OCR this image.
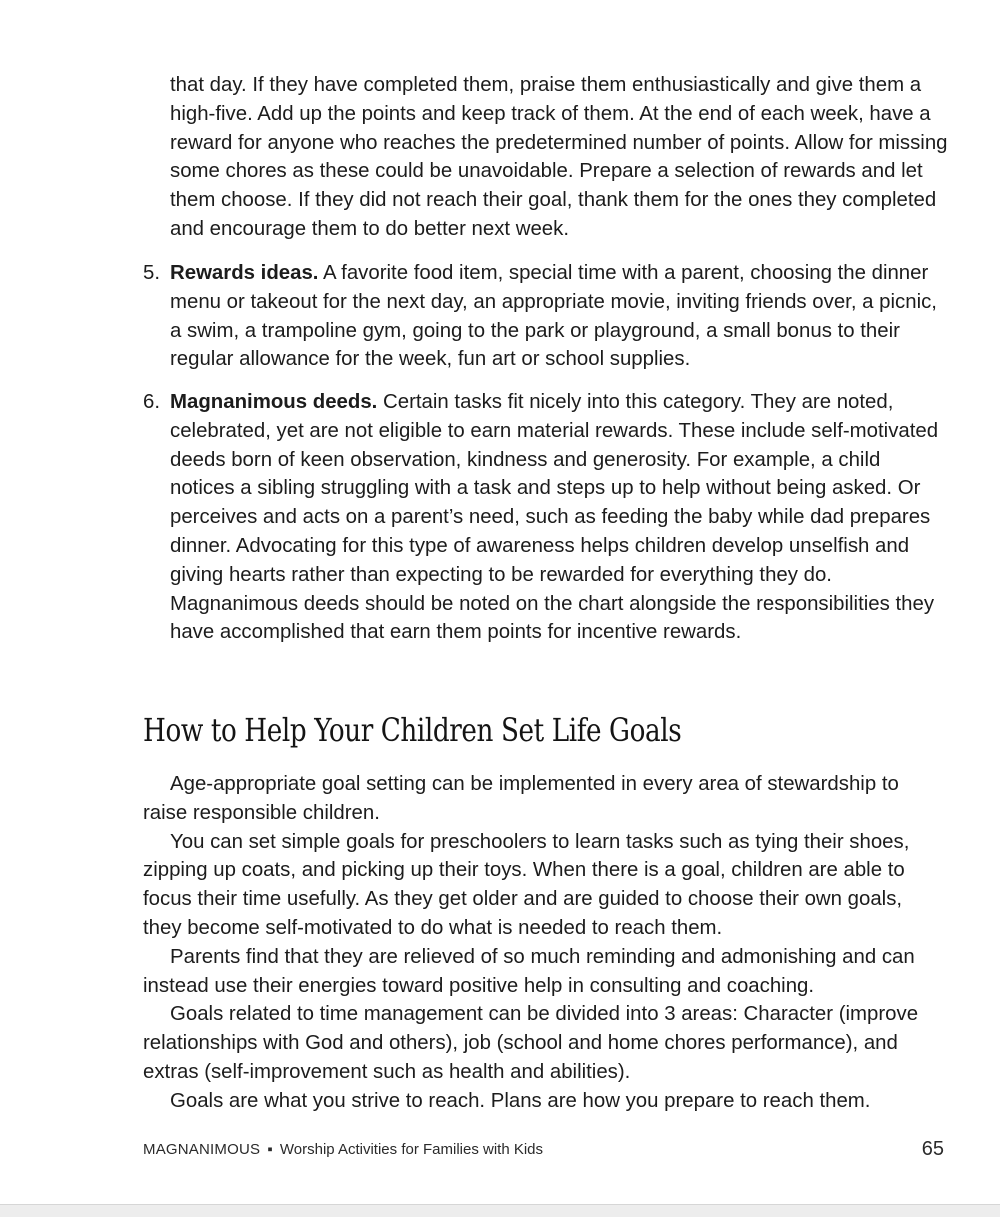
that day. If they have completed them, praise them enthusiastically and give them a high-five. Add up the points and keep track of them. At the end of each week, have a reward for anyone who reaches the predetermined number of points. Allow for missing some chores as these could be unavoidable. Prepare a selection of rewards and let them choose. If they did not reach their goal, thank them for the ones they completed and encourage them to do better next week.

5. Rewards ideas. A favorite food item, special time with a parent, choosing the dinner menu or takeout for the next day, an appropriate movie, inviting friends over, a picnic, a swim, a trampoline gym, going to the park or playground, a small bonus to their regular allowance for the week, fun art or school supplies.
6. Magnanimous deeds. Certain tasks fit nicely into this category. They are noted, celebrated, yet are not eligible to earn material rewards. These include self-motivated deeds born of keen observation, kindness and generosity. For example, a child notices a sibling struggling with a task and steps up to help without being asked. Or perceives and acts on a parent’s need, such as feeding the baby while dad prepares dinner. Advocating for this type of awareness helps children develop unselfish and giving hearts rather than expecting to be rewarded for everything they do. Magnanimous deeds should be noted on the chart alongside the responsibilities they have accomplished that earn them points for incentive rewards.
How to Help Your Children Set Life Goals

Age-appropriate goal setting can be implemented in every area of stewardship to raise responsible children.

You can set simple goals for preschoolers to learn tasks such as tying their shoes, zipping up coats, and picking up their toys. When there is a goal, children are able to focus their time usefully. As they get older and are guided to choose their own goals, they become self-motivated to do what is needed to reach them.

Parents find that they are relieved of so much reminding and admonishing and can instead use their energies toward positive help in consulting and coaching.

Goals related to time management can be divided into 3 areas: Character (improve relationships with God and others), job (school and home chores performance), and extras (self-improvement such as health and abilities).

Goals are what you strive to reach. Plans are how you prepare to reach them.

MAGNANIMOUS ▪ Worship Activities for Families with Kids	65
